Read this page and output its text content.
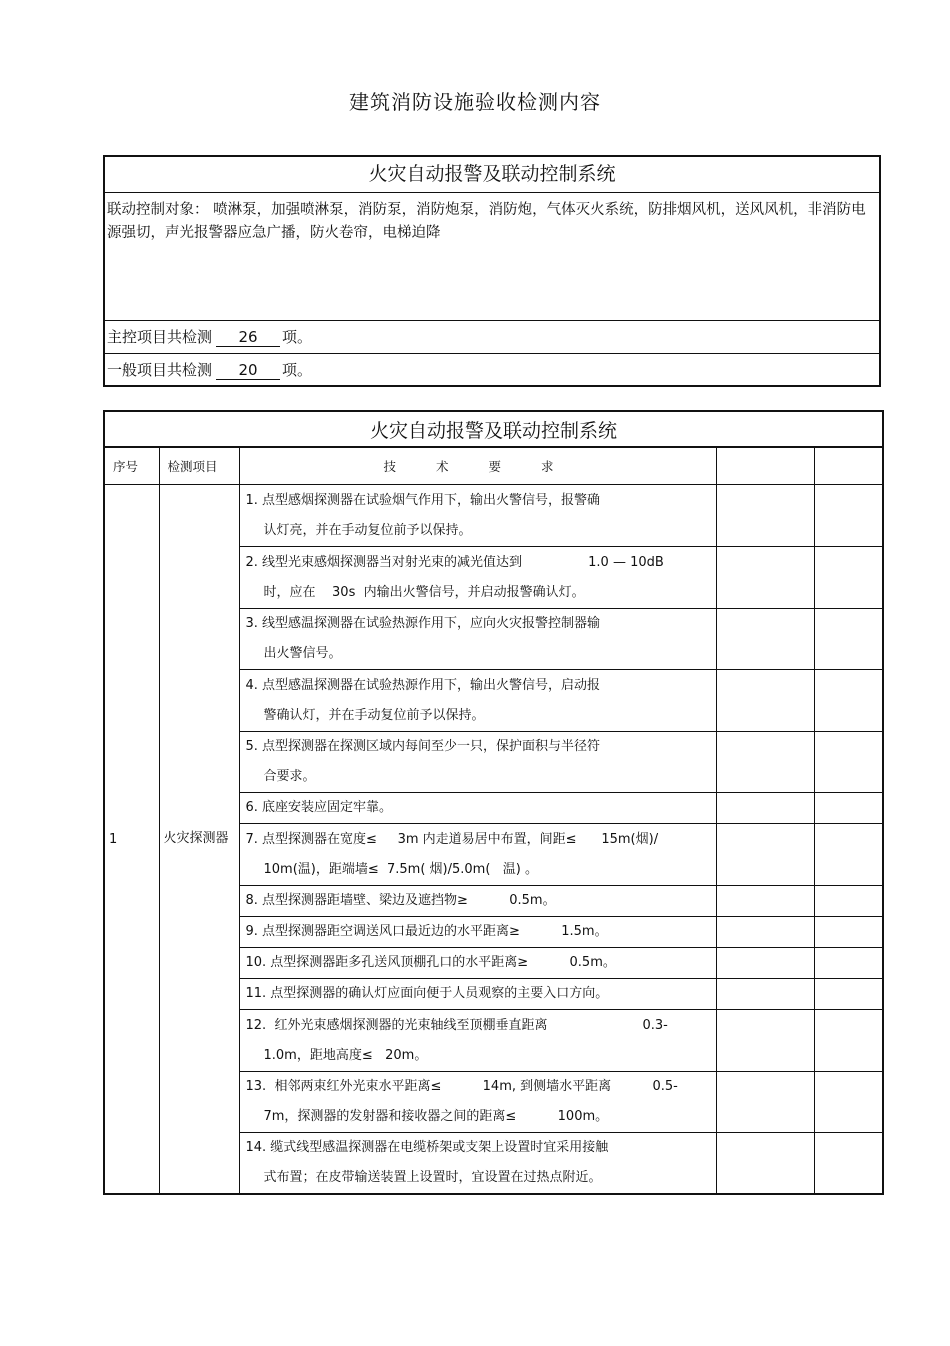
建筑消防设施验收检测内容
火灾自动报警及联动控制系统
联动控制对象： 喷淋泵，加强喷淋泵，消防泵，消防炮泵，消防炮，气体灭火系统，防排烟风机，送风风机，非消防电源强切，声光报警器应急广播，防火卷帘，电梯迫降
主控项目共检测 26 项。
一般项目共检测 20 项。
火灾自动报警及联动控制系统				
序号	检测项目	技 术 要 求		
1	火灾探测器	1. 点型感烟探测器在试验烟气作用下，输出火警信号，报警确
认灯亮，并在手动复位前予以保持。		

		2. 线型光束感烟探测器当对射光束的减光值达到                1.0 — 10dB
时，应在    30s  内输出火警信号，并启动报警确认灯。		

		3. 线型感温探测器在试验热源作用下，应向火灾报警控制器输
出火警信号。		

		4. 点型感温探测器在试验热源作用下，输出火警信号，启动报
警确认灯，并在手动复位前予以保持。		

		5. 点型探测器在探测区域内每间至少一只，保护面积与半径符
合要求。		

		6. 底座安装应固定牢靠。		

		7. 点型探测器在宽度≤     3m 内走道易居中布置，间距≤      15m(烟)/
10m(温)，距端墙≤  7.5m( 烟)/5.0m(   温) 。		

		8. 点型探测器距墙壁、梁边及遮挡物≥          0.5m。		

		9. 点型探测器距空调送风口最近边的水平距离≥          1.5m。		

		10. 点型探测器距多孔送风顶棚孔口的水平距离≥          0.5m。		

		11. 点型探测器的确认灯应面向便于人员观察的主要入口方向。		

		12.  红外光束感烟探测器的光束轴线至顶棚垂直距离                       0.3-
1.0m，距地高度≤   20m。		

		13.  相邻两束红外光束水平距离≤          14m, 到侧墙水平距离          0.5-
7m，探测器的发射器和接收器之间的距离≤          100m。		

		14. 缆式线型感温探测器在电缆桥架或支架上设置时宜采用接触
式布置；在皮带输送装置上设置时，宜设置在过热点附近。		
